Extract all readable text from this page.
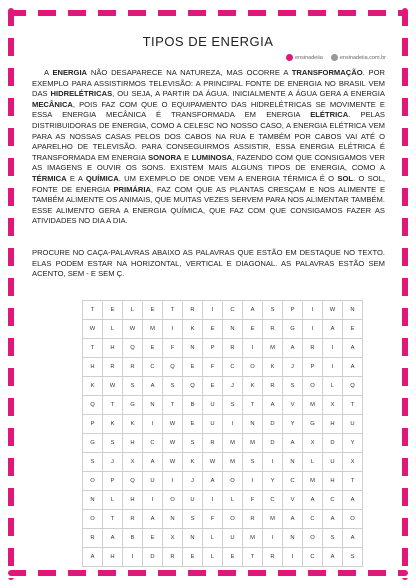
TIPOS DE ENERGIA
ensinadeiia	ensinadeiia.com.br
A ENERGIA NÃO DESAPARECE NA NATUREZA, MAS OCORRE A TRANSFORMAÇÃO. POR EXEMPLO PARA ASSISTIRMOS TELEVISÃO: A PRINCIPAL FONTE DE ENERGIA NO BRASIL VEM DAS HIDRELÉTRICAS, OU SEJA, A PARTIR DA ÁGUA. INICIALMENTE A ÁGUA GERA A ENERGIA MECÂNICA, POIS FAZ COM QUE O EQUIPAMENTO DAS HIDRELÉTRICAS SE MOVIMENTE E ESSA ENERGIA MECÂNICA É TRANSFORMADA EM ENERGIA ELÉTRICA. PELAS DISTRIBUIDORAS DE ENERGIA, COMO A CELESC NO NOSSO CASO, A ENERGIA ELÉTRICA VEM PARA AS NOSSAS CASAS PELOS DOS CABOS NA RUA E TAMBÉM POR CABOS VAI ATÉ O APARELHO DE TELEVISÃO. PARA CONSEGUIRMOS ASSISTIR, ESSA ENERGIA ELÉTRICA É TRANSFORMADA EM ENERGIA SONORA E LUMINOSA, FAZENDO COM QUE CONSIGAMOS VER AS IMAGENS E OUVIR OS SONS. EXISTEM MAIS ALGUNS TIPOS DE ENERGIA, COMO A TÉRMICA E A QUÍMICA. UM EXEMPLO DE ONDE VEM A ENERGIA TÉRMICA É O SOL. O SOL, FONTE DE ENERGIA PRIMÁRIA, FAZ COM QUE AS PLANTAS CRESÇAM E NOS ALIMENTE E TAMBÉM ALIMENTE OS ANIMAIS, QUE MUITAS VEZES SERVEM PARA NOS ALIMENTAR TAMBÉM. ESSE ALIMENTO GERA A ENERGIA QUÍMICA, QUE FAZ COM QUE CONSIGAMOS FAZER AS ATIVIDADES NO DIA A DIA.
PROCURE NO CAÇA-PALAVRAS ABAIXO AS PALAVRAS QUE ESTÃO EM DESTAQUE NO TEXTO. ELAS PODEM ESTAR NA HORIZONTAL, VERTICAL E DIAGONAL. AS PALAVRAS ESTÃO SEM ACENTO, SEM - E SEM Ç.
T	E	L	E	T	R	I	C	A	S	P	I	W	N
W	L	W	M	I	K	E	N	E	R	G	I	A	E
T	H	Q	E	F	N	P	R	I	M	A	R	I	A
H	R	R	C	Q	E	F	C	O	K	J	P	I	A
K	W	S	A	S	Q	E	J	K	R	S	O	L	Q
Q	T	G	N	T	B	U	S	T	A	V	M	X	T
P	K	K	I	W	E	U	I	N	D	Y	G	H	U
G	S	H	C	W	S	R	M	M	D	A	X	D	Y
S	J	X	A	W	K	W	M	S	I	N	L	U	X
O	P	Q	U	I	J	A	O	I	Y	C	M	H	T
N	L	H	I	O	U	I	L	F	C	V	A	C	A
O	T	R	A	N	S	F	O	R	M	A	C	A	O
R	A	B	E	X	N	L	U	M	I	N	O	S	A
A	H	I	D	R	E	L	E	T	R	I	C	A	S
